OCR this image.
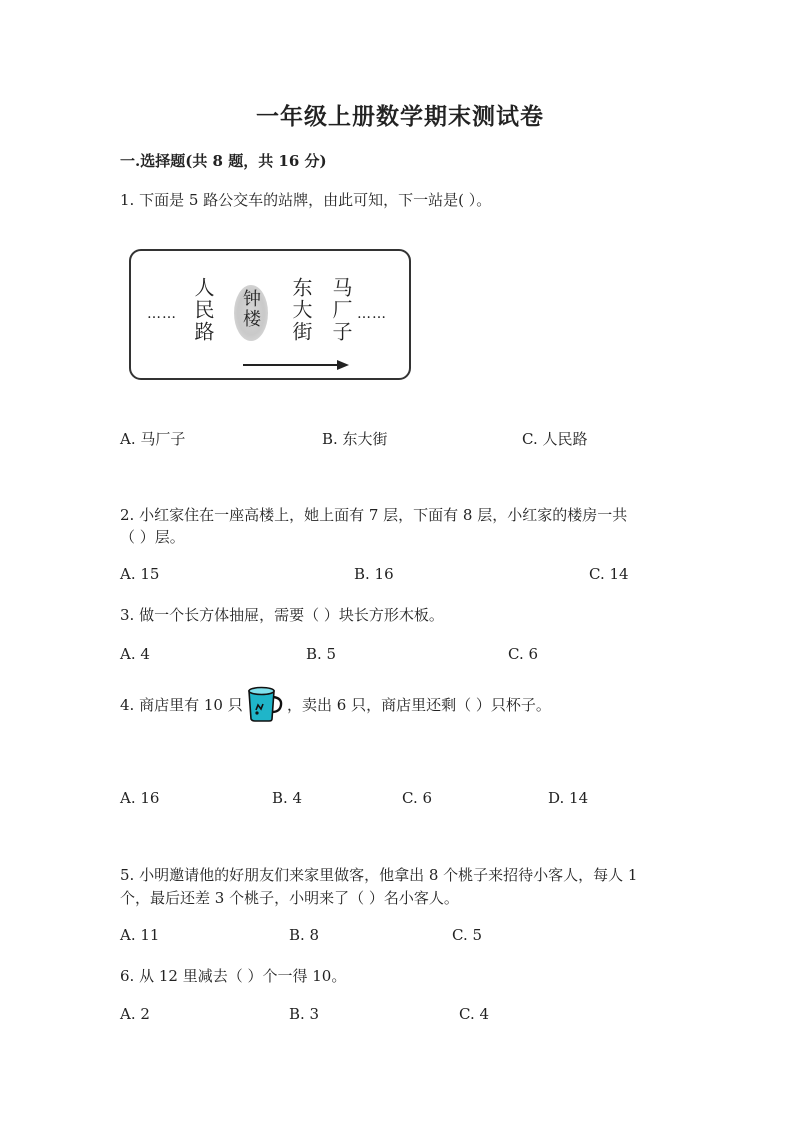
一年级上册数学期末测试卷
一.选择题(共 8 题，共 16 分)
1. 下面是 5 路公交车的站牌，由此可知，下一站是( ）。
…… 人民路 钟楼 东大街 马厂子 ……
A. 马厂子	B. 东大街	C. 人民路
2. 小红家住在一座高楼上，她上面有 7 层，下面有 8 层，小红家的楼房一共
（ ）层。
A. 15	B. 16	C. 14
3. 做一个长方体抽屉，需要（ ）块长方形木板。
A. 4	B. 5	C. 6
4. 商店里有 10 只	，卖出 6 只，商店里还剩（ ）只杯子。
A. 16	B. 4	C. 6	D. 14
5. 小明邀请他的好朋友们来家里做客，他拿出 8 个桃子来招待小客人，每人 1
个，最后还差 3 个桃子，小明来了（ ）名小客人。
A. 11	B. 8	C. 5
6. 从 12 里减去（ ）个一得 10。
A. 2	B. 3	C. 4
